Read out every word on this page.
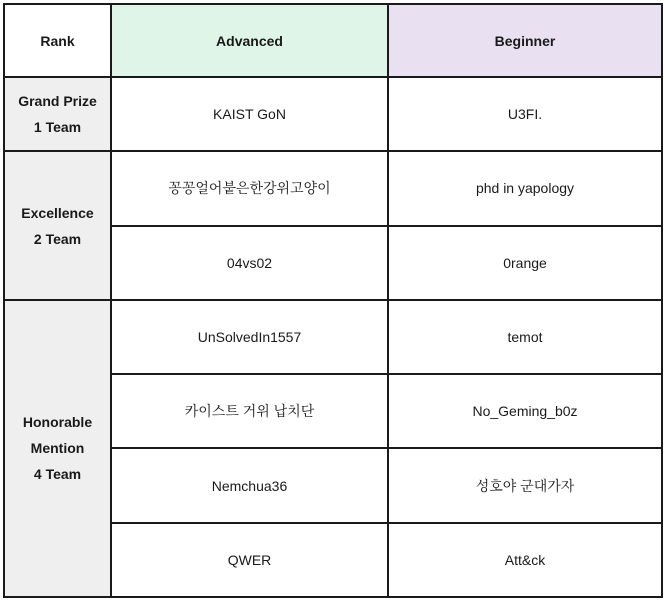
Rank	Advanced	Beginner

Grand Prize
1 Team	KAIST GoN	U3FI.

Excellence
2 Team	꽁꽁얼어붙은한강위고양이	phd in yapology
	04vs02	0range

Honorable
Mention
4 Team	UnSolvedIn1557	temot
	카이스트 거위 납치단	No_Geming_b0z
	Nemchua36	성호야 군대가자
	QWER	Att&ck
